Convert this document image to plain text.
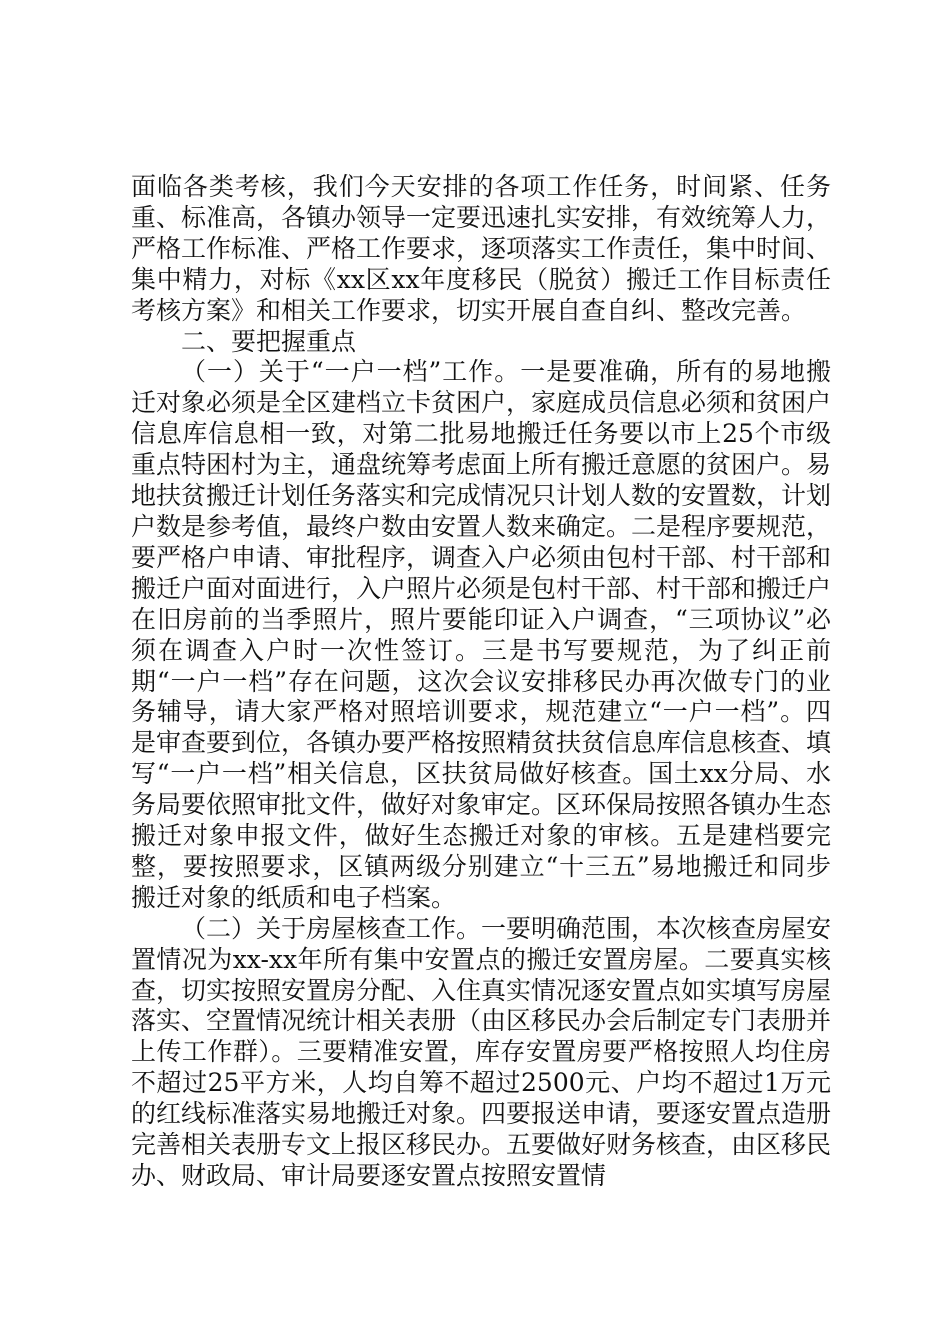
面临各类考核，我们今天安排的各项工作任务，时间紧、任务重、标准高，各镇办领导一定要迅速扎实安排，有效统筹人力，严格工作标准、严格工作要求，逐项落实工作责任，集中时间、集中精力，对标《xx区xx年度移民（脱贫）搬迁工作目标责任考核方案》和相关工作要求，切实开展自查自纠、整改完善。

二、要把握重点

（一）关于“一户一档”工作。一是要准确，所有的易地搬迁对象必须是全区建档立卡贫困户，家庭成员信息必须和贫困户信息库信息相一致，对第二批易地搬迁任务要以市上25个市级重点特困村为主，通盘统筹考虑面上所有搬迁意愿的贫困户。易地扶贫搬迁计划任务落实和完成情况只计划人数的安置数，计划户数是参考值，最终户数由安置人数来确定。二是程序要规范，要严格户申请、审批程序，调查入户必须由包村干部、村干部和搬迁户面对面进行，入户照片必须是包村干部、村干部和搬迁户在旧房前的当季照片，照片要能印证入户调查，“三项协议”必须在调查入户时一次性签订。三是书写要规范，为了纠正前期“一户一档”存在问题，这次会议安排移民办再次做专门的业务辅导，请大家严格对照培训要求，规范建立“一户一档”。四是审查要到位，各镇办要严格按照精贫扶贫信息库信息核查、填写“一户一档”相关信息，区扶贫局做好核查。国土xx分局、水务局要依照审批文件，做好对象审定。区环保局按照各镇办生态搬迁对象申报文件，做好生态搬迁对象的审核。五是建档要完整，要按照要求，区镇两级分别建立“十三五”易地搬迁和同步搬迁对象的纸质和电子档案。

（二）关于房屋核查工作。一要明确范围，本次核查房屋安置情况为xx-xx年所有集中安置点的搬迁安置房屋。二要真实核查，切实按照安置房分配、入住真实情况逐安置点如实填写房屋落实、空置情况统计相关表册（由区移民办会后制定专门表册并上传工作群）。三要精准安置，库存安置房要严格按照人均住房不超过25平方米，人均自筹不超过2500元、户均不超过1万元的红线标准落实易地搬迁对象。四要报送申请，要逐安置点造册完善相关表册专文上报区移民办。五要做好财务核查，由区移民办、财政局、审计局要逐安置点按照安置情
